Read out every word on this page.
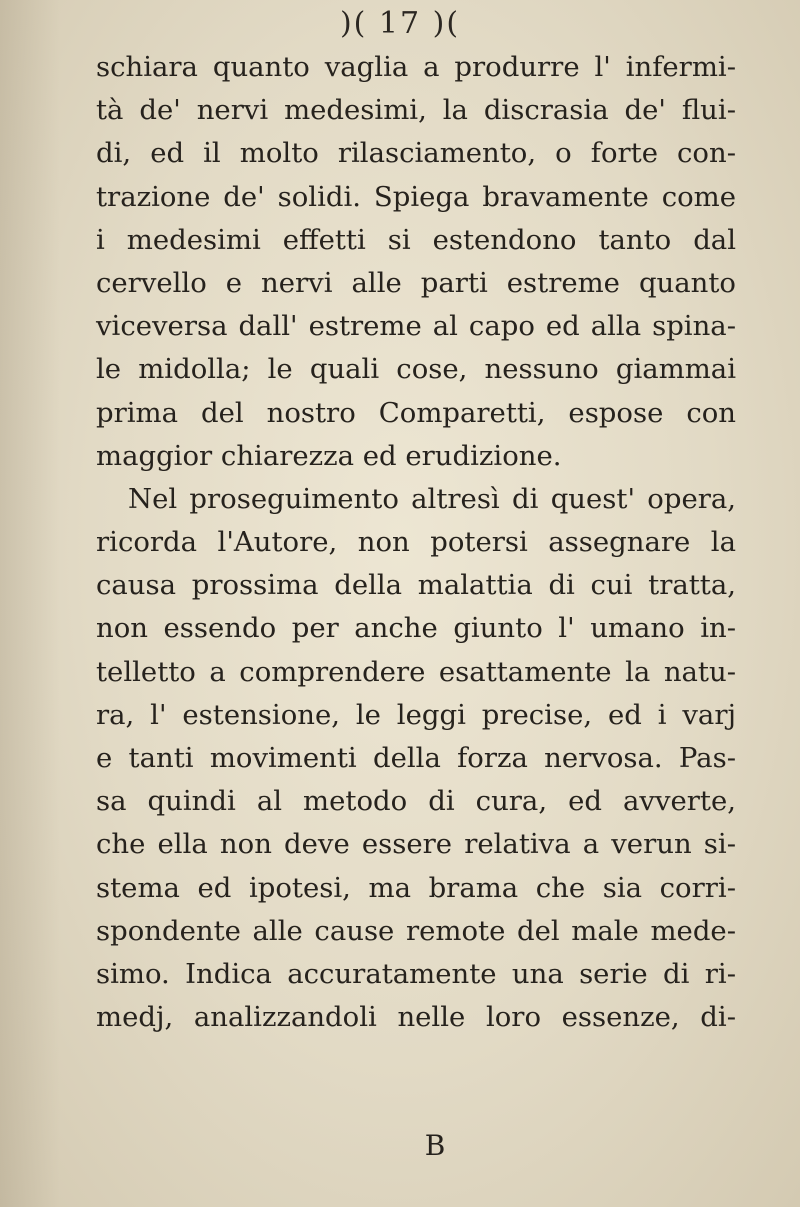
)( 17 )(
schiara quanto vaglia a produrre l' infermi-
tà de' nervi medesimi, la discrasia de' flui-
di, ed il molto rilasciamento, o forte con-
trazione de' solidi. Spiega bravamente come
i medesimi effetti si estendono tanto dal
cervello e nervi alle parti estreme quanto
viceversa dall' estreme al capo ed alla spina-
le midolla; le quali cose, nessuno giammai
prima del nostro Comparetti, espose con
maggior chiarezza ed erudizione.
Nel proseguimento altresì di quest' opera,
ricorda l'Autore, non potersi assegnare la
causa prossima della malattia di cui tratta,
non essendo per anche giunto l' umano in-
telletto a comprendere esattamente la natu-
ra, l' estensione, le leggi precise, ed i varj
e tanti movimenti della forza nervosa. Pas-
sa quindi al metodo di cura, ed avverte,
che ella non deve essere relativa a verun si-
stema ed ipotesi, ma brama che sia corri-
spondente alle cause remote del male mede-
simo. Indica accuratamente una serie di ri-
medj, analizzandoli nelle loro essenze, di-
B
